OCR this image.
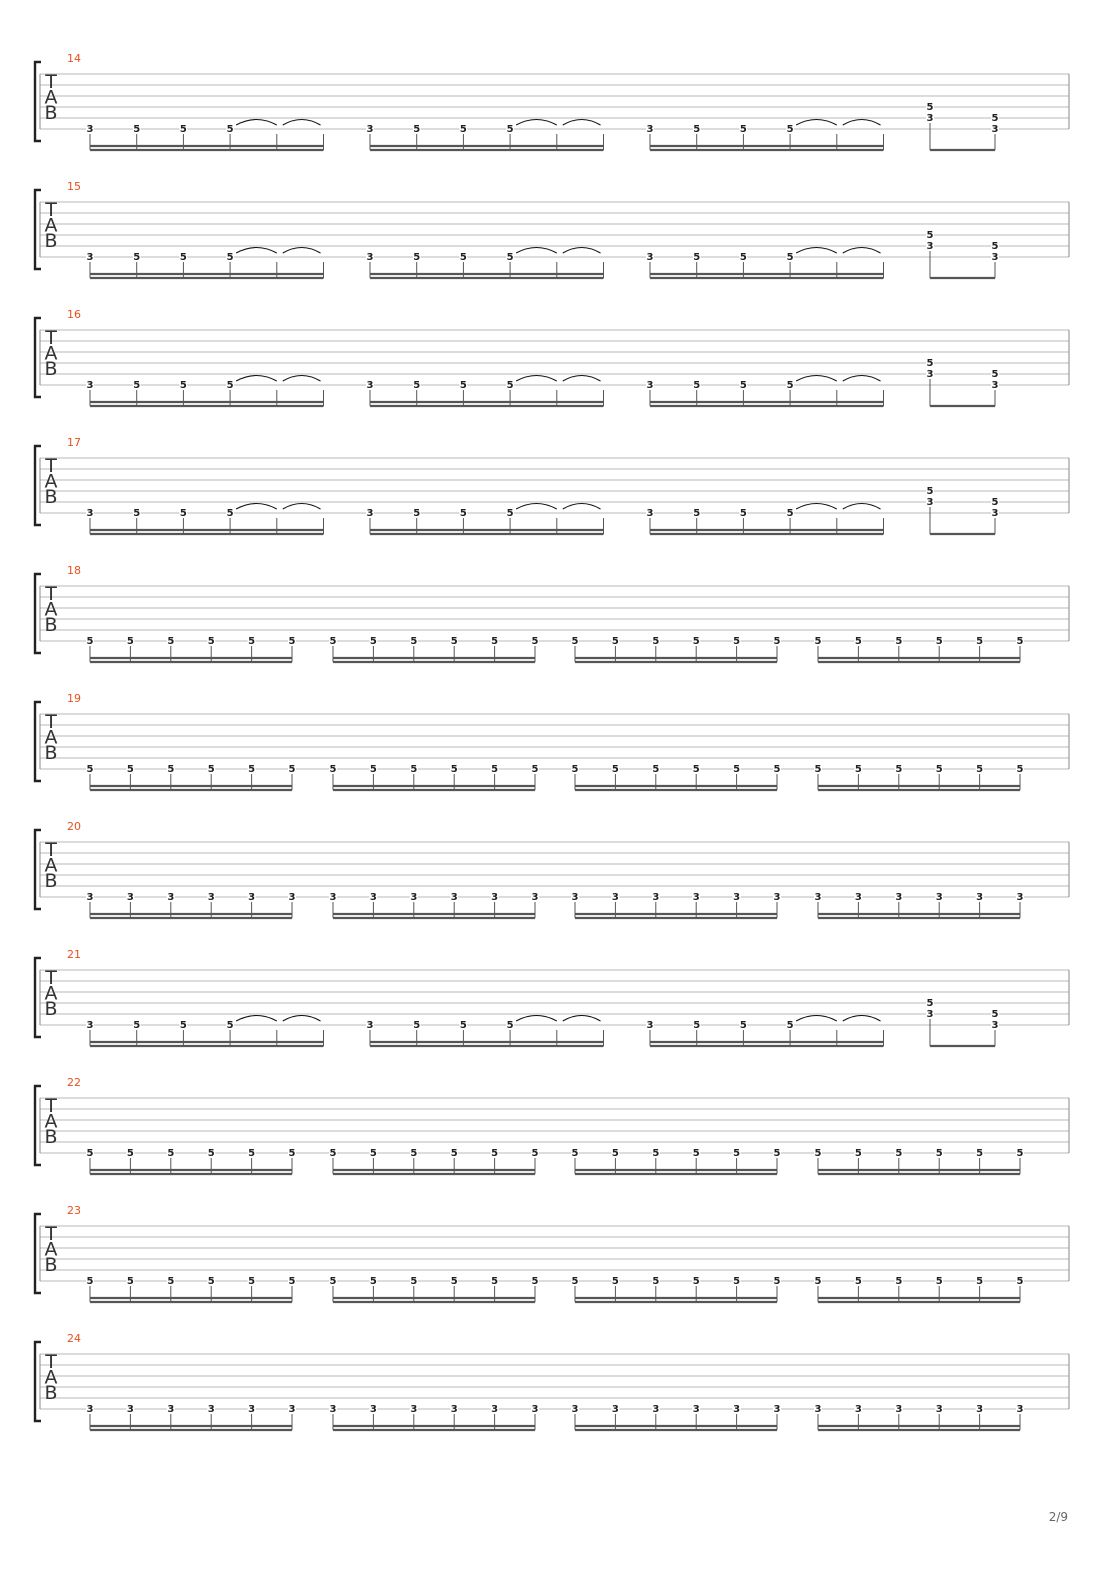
14
T
A
B
3	5	5	5	3	5	5	5	3	5	5	5
5
3	5
3
15
T
A
B
3	5	5	5	3	5	5	5	3	5	5	5
5
3	5
3
16
T
A
B
3	5	5	5	3	5	5	5	3	5	5	5
5
3	5
3
17
T
A
B
3	5	5	5	3	5	5	5	3	5	5	5
5
3	5
3
18
T
A
B
5	5	5	5	5	5	5	5	5	5	5	5	5	5	5	5	5	5	5	5	5	5	5	5
19
T
A
B
5	5	5	5	5	5	5	5	5	5	5	5	5	5	5	5	5	5	5	5	5	5	5	5
20
T
A
B
3	3	3	3	3	3	3	3	3	3	3	3	3	3	3	3	3	3	3	3	3	3	3	3
21
T
A
B
3	5	5	5	3	5	5	5	3	5	5	5
5
3	5
3
22
T
A
B
5	5	5	5	5	5	5	5	5	5	5	5	5	5	5	5	5	5	5	5	5	5	5	5
23
T
A
B
5	5	5	5	5	5	5	5	5	5	5	5	5	5	5	5	5	5	5	5	5	5	5	5
24
T
A
B
3	3	3	3	3	3	3	3	3	3	3	3	3	3	3	3	3	3	3	3	3	3	3	3
2/9
